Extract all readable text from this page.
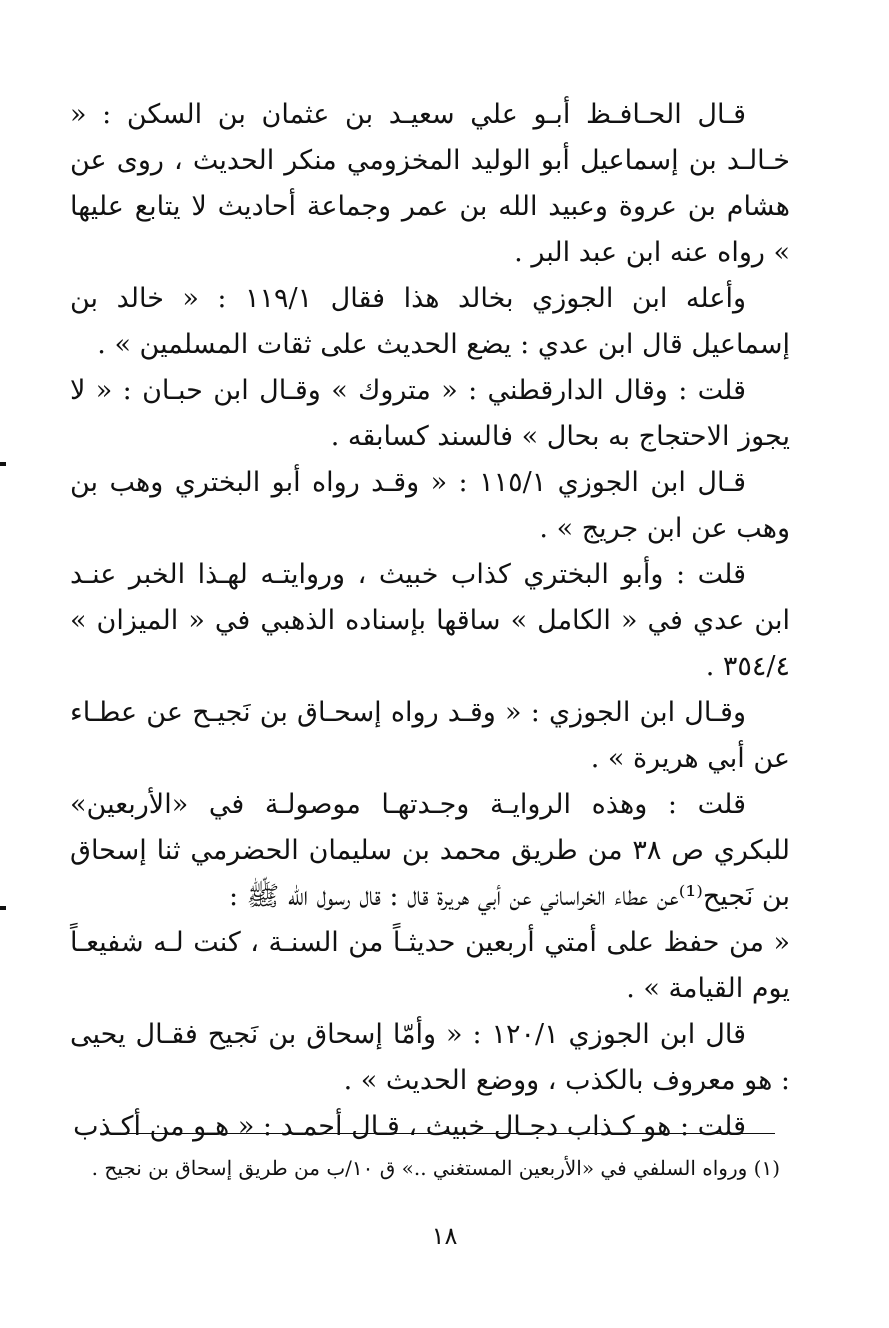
قـال الحـافـظ أبـو علي سعيـد بن عثمان بن السكن : « خـالـد بن إسماعيل أبو الوليد المخزومي منكر الحديث ، روى عن هشام بن عروة وعبيد الله بن عمر وجماعة أحاديث لا يتابع عليها » رواه عنه ابن عبد البر .

وأعله ابن الجوزي بخالد هذا فقال ١١٩/١ : « خالد بن إسماعيل قال ابن عدي : يضع الحديث على ثقات المسلمين » .

قلت : وقال الدارقطني : « متروك » وقـال ابن حبـان : « لا يجوز الاحتجاج به بحال » فالسند كسابقه .

قـال ابن الجوزي ١١٥/١ : « وقـد رواه أبو البختري وهب بن وهب عن ابن جريج » .

قلت : وأبو البختري كذاب خبيث ، وروايتـه لهـذا الخبر عنـد ابن عدي في « الكامل » ساقها بإسناده الذهبي في « الميزان » ٣٥٤/٤ .

وقـال ابن الجوزي : « وقـد رواه إسحـاق بن نَجيـح عن عطـاء عن أبي هريرة » .

قلت : وهذه الروايـة وجـدتهـا موصولـة في «الأربعين» للبكري ص ٣٨ من طريق محمد بن سليمان الحضرمي ثنا إسحاق بن نَجيح⁽¹⁾عن عطاء الخراساني عن أبي هريرة قال : قال رسول الله ﷺ :

« من حفظ على أمتي أربعين حديثـاً من السنـة ، كنت لـه شفيعـاً يوم القيامة » .

قال ابن الجوزي ١٢٠/١ : « وأمّا إسحاق بن نَجيح فقـال يحيى : هو معروف بالكذب ، ووضع الحديث » .

قلت : هو كـذاب دجـال خبيث ، قـال أحمـد : « هـو من أكـذب

(١) ورواه السلفي في «الأربعين المستغني ..» ق ١٠/ب من طريق إسحاق بن نجيح .
١٨
